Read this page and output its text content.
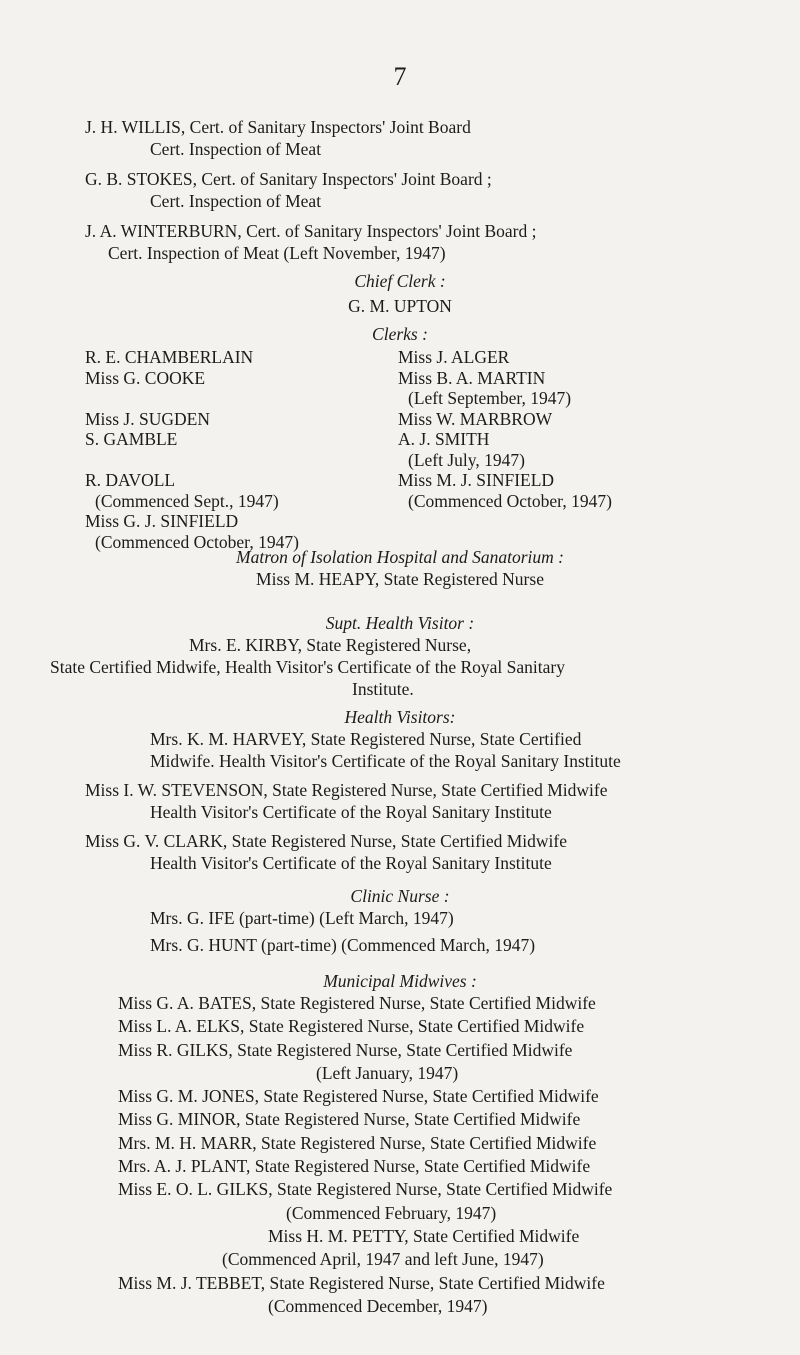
7
J. H. WILLIS, Cert. of Sanitary Inspectors' Joint Board
Cert. Inspection of Meat
G. B. STOKES, Cert. of Sanitary Inspectors' Joint Board ;
Cert. Inspection of Meat
J. A. WINTERBURN, Cert. of Sanitary Inspectors' Joint Board ;
Cert. Inspection of Meat (Left November, 1947)
Chief Clerk :
G. M. UPTON
Clerks :
R. E. CHAMBERLAIN
Miss G. COOKE
Miss J. SUGDEN
S. GAMBLE
R. DAVOLL
(Commenced Sept., 1947)
Miss G. J. SINFIELD
(Commenced October, 1947)
Miss J. ALGER
Miss B. A. MARTIN
(Left September, 1947)
Miss W. MARBROW
A. J. SMITH
(Left July, 1947)
Miss M. J. SINFIELD
(Commenced October, 1947)
Matron of Isolation Hospital and Sanatorium :
Miss M. HEAPY, State Registered Nurse
Supt. Health Visitor :
Mrs. E. KIRBY, State Registered Nurse,
State Certified Midwife, Health Visitor's Certificate of the Royal Sanitary
Institute.
Health Visitors:
Mrs. K. M. HARVEY, State Registered Nurse, State Certified
Midwife. Health Visitor's Certificate of the Royal Sanitary Institute
Miss I. W. STEVENSON, State Registered Nurse, State Certified Midwife
Health Visitor's Certificate of the Royal Sanitary Institute
Miss G. V. CLARK, State Registered Nurse, State Certified Midwife
Health Visitor's Certificate of the Royal Sanitary Institute
Clinic Nurse :
Mrs. G. IFE (part-time) (Left March, 1947)
Mrs. G. HUNT (part-time) (Commenced March, 1947)
Municipal Midwives :
Miss G. A. BATES, State Registered Nurse, State Certified Midwife
Miss L. A. ELKS, State Registered Nurse, State Certified Midwife
Miss R. GILKS, State Registered Nurse, State Certified Midwife
(Left January, 1947)
Miss G. M. JONES, State Registered Nurse, State Certified Midwife
Miss G. MINOR, State Registered Nurse, State Certified Midwife
Mrs. M. H. MARR, State Registered Nurse, State Certified Midwife
Mrs. A. J. PLANT, State Registered Nurse, State Certified Midwife
Miss E. O. L. GILKS, State Registered Nurse, State Certified Midwife
(Commenced February, 1947)
Miss H. M. PETTY, State Certified Midwife
(Commenced April, 1947 and left June, 1947)
Miss M. J. TEBBET, State Registered Nurse, State Certified Midwife
(Commenced December, 1947)
